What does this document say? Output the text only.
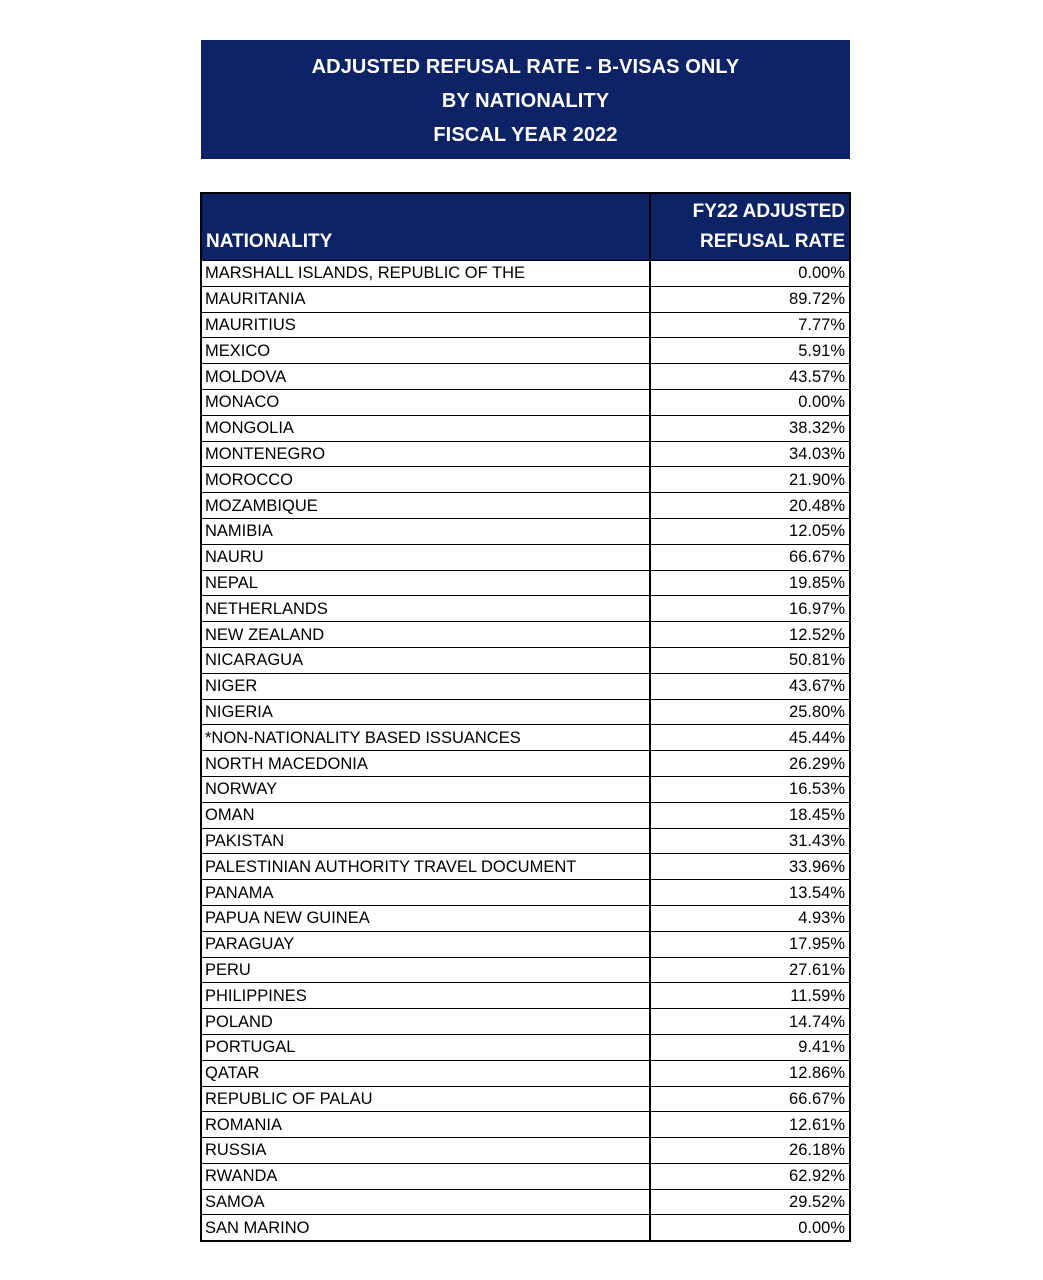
ADJUSTED REFUSAL RATE - B-VISAS ONLY
BY NATIONALITY
FISCAL YEAR 2022
NATIONALITY	FY22 ADJUSTED
REFUSAL RATE

MARSHALL ISLANDS, REPUBLIC OF THE	0.00%
MAURITANIA	89.72%
MAURITIUS	7.77%
MEXICO	5.91%
MOLDOVA	43.57%
MONACO	0.00%
MONGOLIA	38.32%
MONTENEGRO	34.03%
MOROCCO	21.90%
MOZAMBIQUE	20.48%
NAMIBIA	12.05%
NAURU	66.67%
NEPAL	19.85%
NETHERLANDS	16.97%
NEW ZEALAND	12.52%
NICARAGUA	50.81%
NIGER	43.67%
NIGERIA	25.80%
*NON-NATIONALITY BASED ISSUANCES	45.44%
NORTH MACEDONIA	26.29%
NORWAY	16.53%
OMAN	18.45%
PAKISTAN	31.43%
PALESTINIAN AUTHORITY TRAVEL DOCUMENT	33.96%
PANAMA	13.54%
PAPUA NEW GUINEA	4.93%
PARAGUAY	17.95%
PERU	27.61%
PHILIPPINES	11.59%
POLAND	14.74%
PORTUGAL	9.41%
QATAR	12.86%
REPUBLIC OF PALAU	66.67%
ROMANIA	12.61%
RUSSIA	26.18%
RWANDA	62.92%
SAMOA	29.52%
SAN MARINO	0.00%
